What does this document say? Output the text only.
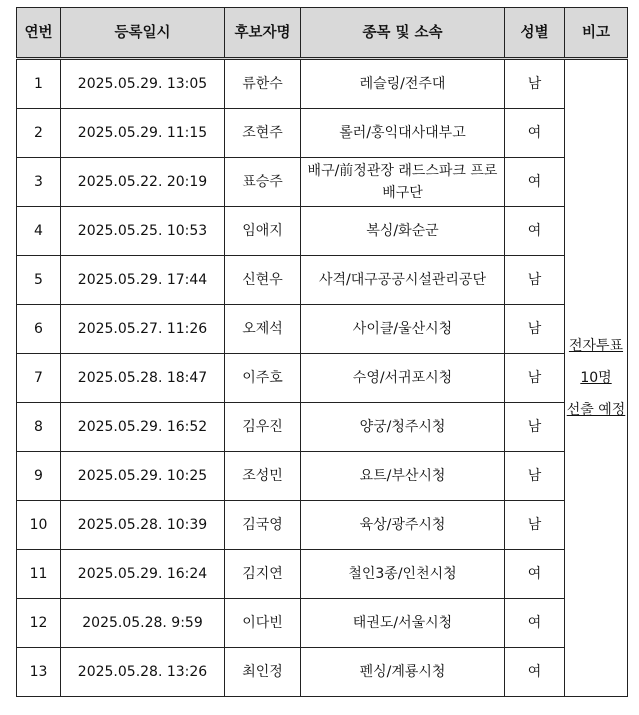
연번	등록일시	후보자명	종목 및 소속	성별	비고
1	2025.05.29. 13:05	류한수	레슬링/전주대	남	전자투표
10명
선출 예정

2	2025.05.29. 11:15	조현주	롤러/홍익대사대부고	여	
3	2025.05.22. 20:19	표승주	배구/前정관장 래드스파크 프로배구단	여	
4	2025.05.25. 10:53	임애지	복싱/화순군	여	
5	2025.05.29. 17:44	신현우	사격/대구공공시설관리공단	남	
6	2025.05.27. 11:26	오제석	사이클/울산시청	남	
7	2025.05.28. 18:47	이주호	수영/서귀포시청	남	
8	2025.05.29. 16:52	김우진	양궁/청주시청	남	
9	2025.05.29. 10:25	조성민	요트/부산시청	남	
10	2025.05.28. 10:39	김국영	육상/광주시청	남	
11	2025.05.29. 16:24	김지연	철인3종/인천시청	여	
12	2025.05.28. 9:59	이다빈	태권도/서울시청	여	
13	2025.05.28. 13:26	최인정	펜싱/계룡시청	여	
